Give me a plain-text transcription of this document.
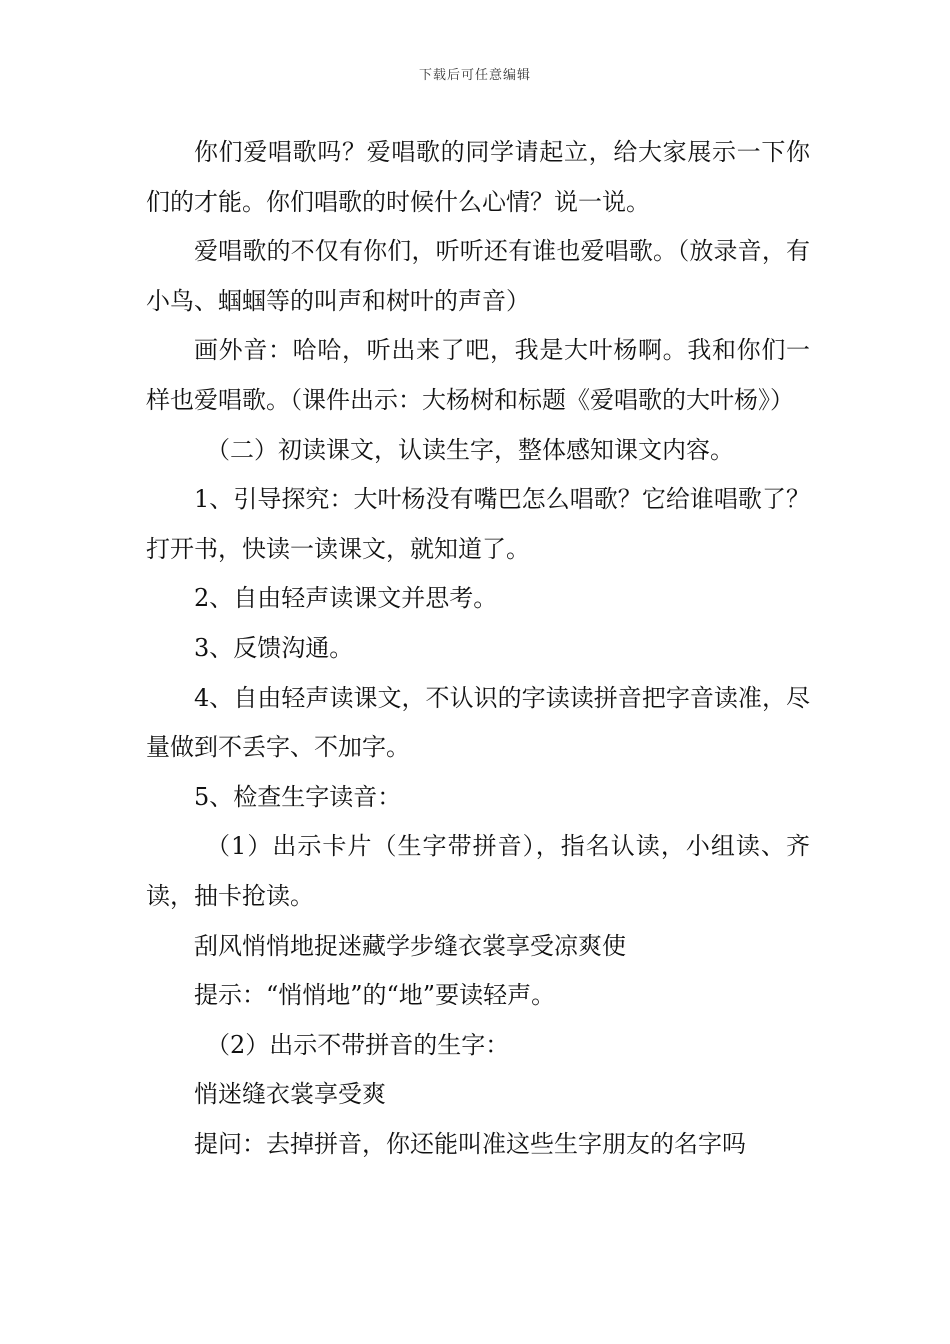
下载后可任意编辑

你们爱唱歌吗？爱唱歌的同学请起立，给大家展示一下你们的才能。你们唱歌的时候什么心情？说一说。

爱唱歌的不仅有你们，听听还有谁也爱唱歌。（放录音，有小鸟、蝈蝈等的叫声和树叶的声音）

画外音：哈哈，听出来了吧，我是大叶杨啊。我和你们一样也爱唱歌。（课件出示：大杨树和标题《爱唱歌的大叶杨》）

（二）初读课文，认读生字，整体感知课文内容。

1、引导探究：大叶杨没有嘴巴怎么唱歌？它给谁唱歌了？打开书，快读一读课文，就知道了。

2、自由轻声读课文并思考。

3、反馈沟通。

4、自由轻声读课文，不认识的字读读拼音把字音读准，尽量做到不丢字、不加字。

5、检查生字读音：

（1）出示卡片（生字带拼音），指名认读，小组读、齐读，抽卡抢读。

刮风悄悄地捉迷藏学步缝衣裳享受凉爽使

提示：“悄悄地”的“地”要读轻声。

（2）出示不带拼音的生字：

悄迷缝衣裳享受爽

提问：去掉拼音，你还能叫准这些生字朋友的名字吗
